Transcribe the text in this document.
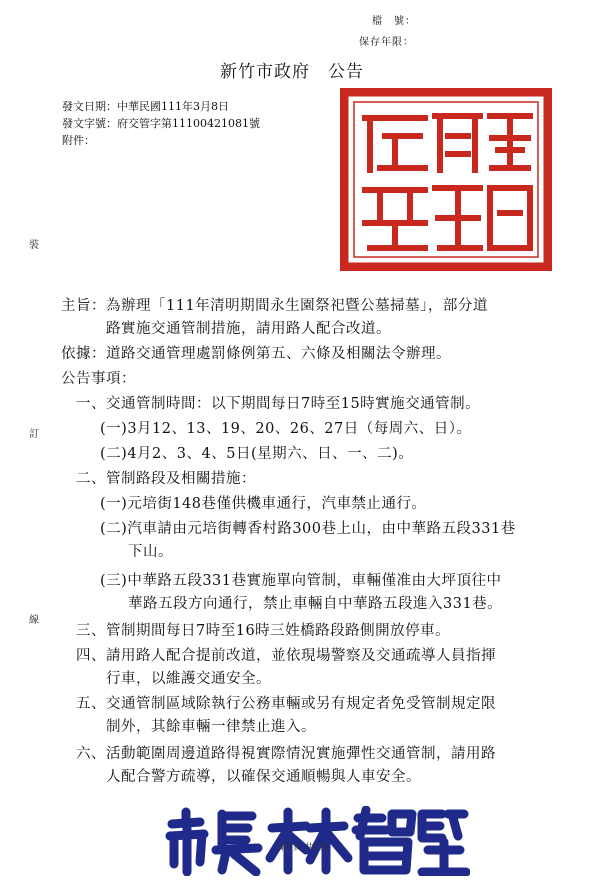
檔　號：
保存年限：
新竹市政府　公告
發文日期：中華民國111年3月8日
發文字號：府交管字第11100421081號
附件：
裝
訂
線
主旨：為辦理「111年清明期間永生園祭祀暨公墓掃墓」，部分道
路實施交通管制措施，請用路人配合改道。
依據：道路交通管理處罰條例第五、六條及相關法令辦理。
公告事項：
一、交通管制時間：以下期間每日7時至15時實施交通管制。
(一)3月12、13、19、20、26、27日（每周六、日）。
(二)4月2、3、4、5日(星期六、日、一、二)。
二、管制路段及相關措施：
(一)元培街148巷僅供機車通行，汽車禁止通行。
(二)汽車請由元培街轉香村路300巷上山，由中華路五段331巷
下山。
(三)中華路五段331巷實施單向管制，車輛僅准由大坪頂往中
華路五段方向通行，禁止車輛自中華路五段進入331巷。
三、管制期間每日7時至16時三姓橋路段路側開放停車。
四、請用路人配合提前改道，並依現場警察及交通疏導人員指揮
行車，以維護交通安全。
五、交通管制區域除執行公務車輛或另有規定者免受管制規定限
制外，其餘車輛一律禁止進入。
六、活動範圍周邊道路得視實際情況實施彈性交通管制，請用路
人配合警方疏導，以確保交通順暢與人車安全。
第1頁 共2頁
